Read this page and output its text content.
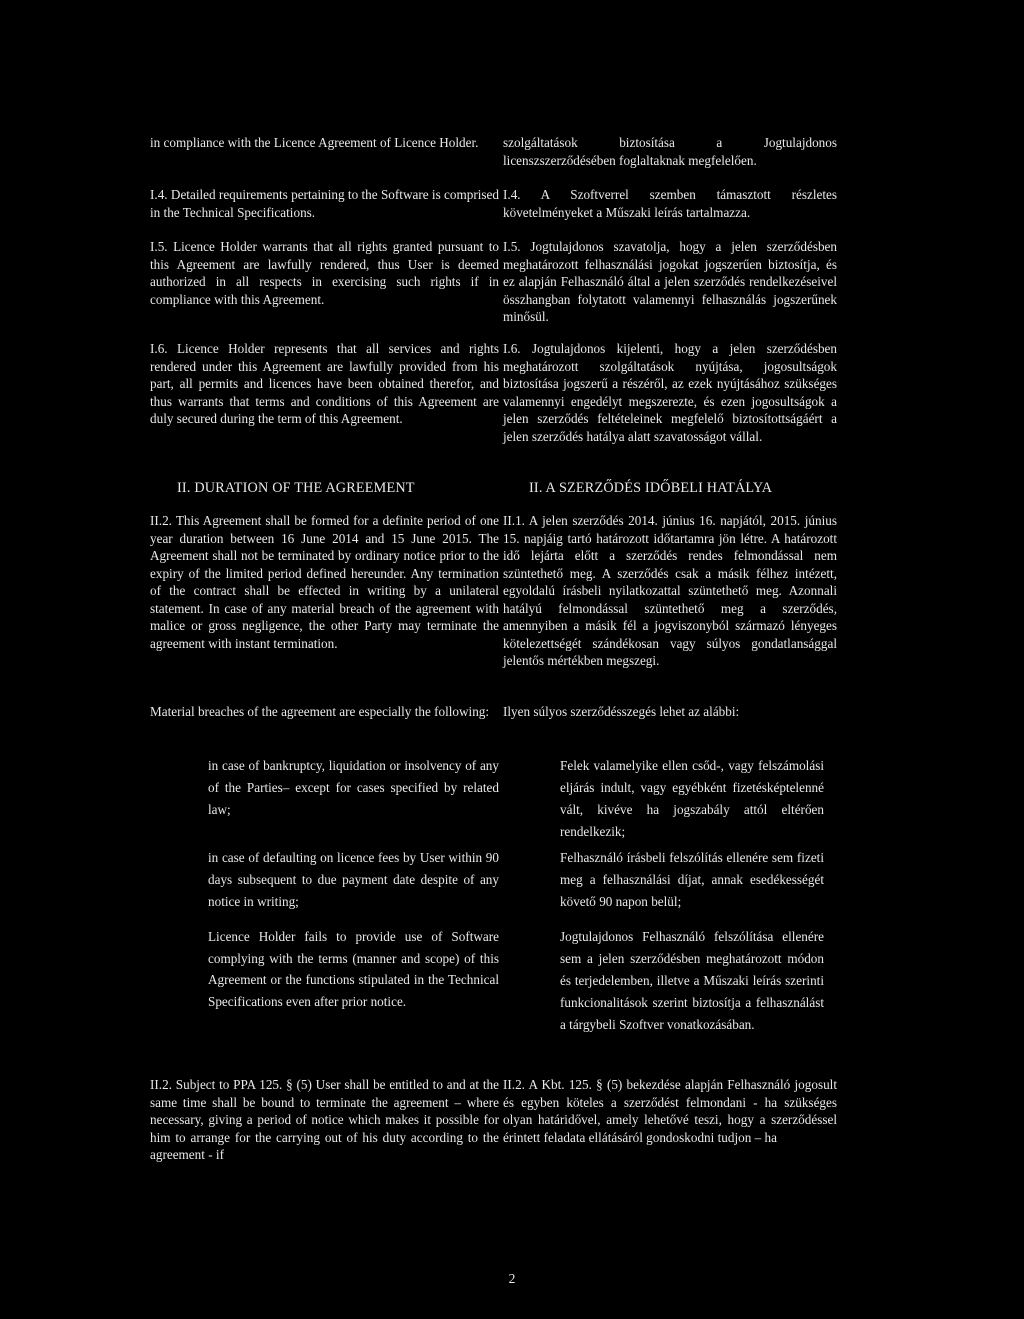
in compliance with the Licence Agreement of Licence Holder.

I.4. Detailed requirements pertaining to the Software is comprised in the Technical Specifications.

I.5. Licence Holder warrants that all rights granted pursuant to this Agreement are lawfully rendered, thus User is deemed authorized in all respects in exercising such rights if in compliance with this Agreement.

I.6. Licence Holder represents that all services and rights rendered under this Agreement are lawfully provided from his part, all permits and licences have been obtained therefor, and thus warrants that terms and conditions of this Agreement are duly secured during the term of this Agreement.

II. DURATION OF THE AGREEMENT

II.2. This Agreement shall be formed for a definite period of one year duration between 16 June 2014 and 15 June 2015. The Agreement shall not be terminated by ordinary notice prior to the expiry of the limited period defined hereunder. Any termination of the contract shall be effected in writing by a unilateral statement. In case of any material breach of the agreement with malice or gross negligence, the other Party may terminate the agreement with instant termination.

Material breaches of the agreement are especially the following:

in case of bankruptcy, liquidation or insolvency of any of the Parties– except for cases specified by related law;
in case of defaulting on licence fees by User within 90 days subsequent to due payment date despite of any notice in writing;
Licence Holder fails to provide use of Software complying with the terms (manner and scope) of this Agreement or the functions stipulated in the Technical Specifications even after prior notice.

II.2. Subject to PPA 125. § (5) User shall be entitled to and at the same time shall be bound to terminate the agreement – where necessary, giving a period of notice which makes it possible for him to arrange for the carrying out of his duty according to the agreement - if

szolgáltatások biztosítása a Jogtulajdonos licenszszerződésében foglaltaknak megfelelően.

I.4. A Szoftverrel szemben támasztott részletes követelményeket a Műszaki leírás tartalmazza.

I.5. Jogtulajdonos szavatolja, hogy a jelen szerződésben meghatározott felhasználási jogokat jogszerűen biztosítja, és ez alapján Felhasználó által a jelen szerződés rendelkezéseivel összhangban folytatott valamennyi felhasználás jogszerűnek minősül.

I.6. Jogtulajdonos kijelenti, hogy a jelen szerződésben meghatározott szolgáltatások nyújtása, jogosultságok biztosítása jogszerű a részéről, az ezek nyújtásához szükséges valamennyi engedélyt megszerezte, és ezen jogosultságok a jelen szerződés feltételeinek megfelelő biztosítottságáért a jelen szerződés hatálya alatt szavatosságot vállal.

II. A SZERZŐDÉS IDŐBELI HATÁLYA

II.1. A jelen szerződés 2014. június 16. napjától, 2015. június 15. napjáig tartó határozott időtartamra jön létre. A határozott idő lejárta előtt a szerződés rendes felmondással nem szüntethető meg. A szerződés csak a másik félhez intézett, egyoldalú írásbeli nyilatkozattal szüntethető meg. Azonnali hatályú felmondással szüntethető meg a szerződés, amennyiben a másik fél a jogviszonyból származó lényeges kötelezettségét szándékosan vagy súlyos gondatlansággal jelentős mértékben megszegi.

Ilyen súlyos szerződésszegés lehet az alábbi:

Felek valamelyike ellen csőd-, vagy felszámolási eljárás indult, vagy egyébként fizetésképtelenné vált, kivéve ha jogszabály attól eltérően rendelkezik;
Felhasználó írásbeli felszólítás ellenére sem fizeti meg a felhasználási díjat, annak esedékességét követő 90 napon belül;
Jogtulajdonos Felhasználó felszólítása ellenére sem a jelen szerződésben meghatározott módon és terjedelemben, illetve a Műszaki leírás szerinti funkcionalitások szerint biztosítja a felhasználást a tárgybeli Szoftver vonatkozásában.

II.2. A Kbt. 125. § (5) bekezdése alapján Felhasználó jogosult és egyben köteles a szerződést felmondani - ha szükséges olyan határidővel, amely lehetővé teszi, hogy a szerződéssel érintett feladata ellátásáról gondoskodni tudjon – ha

2
